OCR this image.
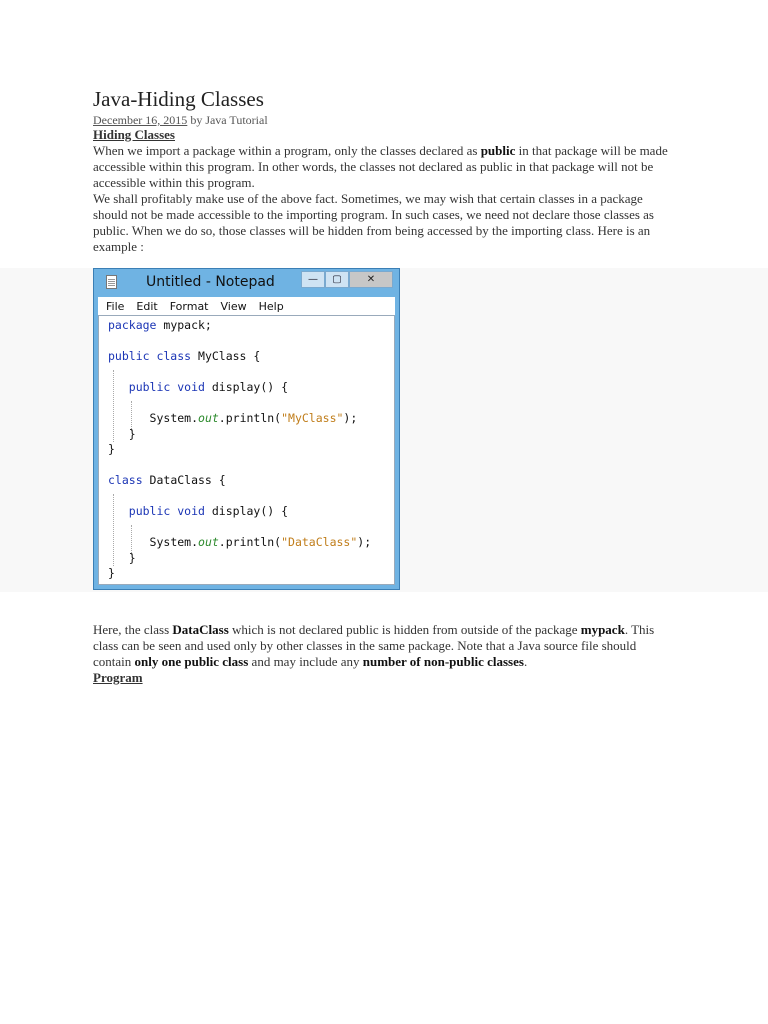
Java-Hiding Classes
December 16, 2015 by Java Tutorial
Hiding Classes

When we import a package within a program, only the classes declared as public in that package will be made accessible within this program. In other words, the classes not declared as public in that package will not be accessible within this program.

We shall profitably make use of the above fact. Sometimes, we may wish that certain classes in a package should not be made accessible to the importing program. In such cases, we need not declare those classes as public. When we do so, those classes will be hidden from being accessed by the importing class. Here is an example :

Untitled - Notepad	—	▢	✕
File Edit Format View Help
package mypack;

public class MyClass {

public void display() {

System.out.println("MyClass");
}
}

class DataClass {

public void display() {

System.out.println("DataClass");
}
}

Here, the class DataClass which is not declared public is hidden from outside of the package mypack. This class can be seen and used only by other classes in the same package. Note that a Java source file should contain only one public class and may include any number of non-public classes.

Program
